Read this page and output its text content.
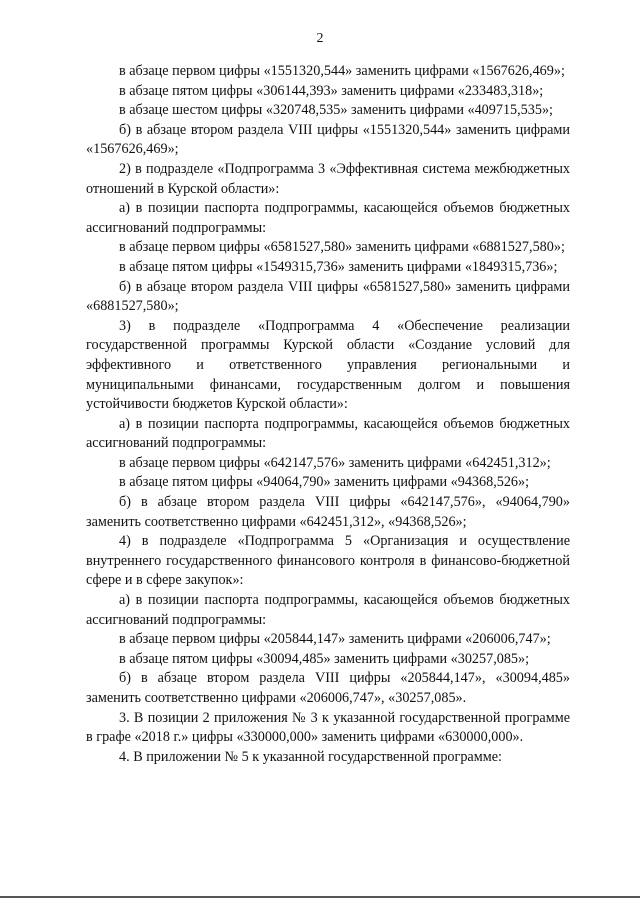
2

в абзаце первом цифры «1551320,544» заменить цифрами «1567626,469»;

в абзаце пятом цифры «306144,393» заменить цифрами «233483,318»;

в абзаце шестом цифры «320748,535» заменить цифрами «409715,535»;

б) в абзаце втором раздела VIII цифры «1551320,544» заменить цифрами «1567626,469»;

2) в подразделе «Подпрограмма 3 «Эффективная система межбюджетных отношений в Курской области»:

а) в позиции паспорта подпрограммы, касающейся объемов бюджетных ассигнований подпрограммы:

в абзаце первом цифры «6581527,580» заменить цифрами «6881527,580»;

в абзаце пятом цифры «1549315,736» заменить цифрами «1849315,736»;

б) в абзаце втором раздела VIII цифры «6581527,580» заменить цифрами «6881527,580»;

3) в подразделе «Подпрограмма 4 «Обеспечение реализации государственной программы Курской области «Создание условий для эффективного и ответственного управления региональными и муниципальными финансами, государственным долгом и повышения устойчивости бюджетов Курской области»:

а) в позиции паспорта подпрограммы, касающейся объемов бюджетных ассигнований подпрограммы:

в абзаце первом цифры «642147,576» заменить цифрами «642451,312»;

в абзаце пятом цифры «94064,790» заменить цифрами «94368,526»;

б) в абзаце втором раздела VIII цифры «642147,576», «94064,790» заменить соответственно цифрами «642451,312», «94368,526»;

4) в подразделе «Подпрограмма 5 «Организация и осуществление внутреннего государственного финансового контроля в финансово-бюджетной сфере и в сфере закупок»:

а) в позиции паспорта подпрограммы, касающейся объемов бюджетных ассигнований подпрограммы:

в абзаце первом цифры «205844,147» заменить цифрами «206006,747»;

в абзаце пятом цифры «30094,485» заменить цифрами «30257,085»;

б) в абзаце втором раздела VIII цифры «205844,147», «30094,485» заменить соответственно цифрами «206006,747», «30257,085».

3. В позиции 2 приложения № 3 к указанной государственной программе в графе «2018 г.» цифры «330000,000» заменить цифрами «630000,000».

4. В приложении № 5 к указанной государственной программе:
